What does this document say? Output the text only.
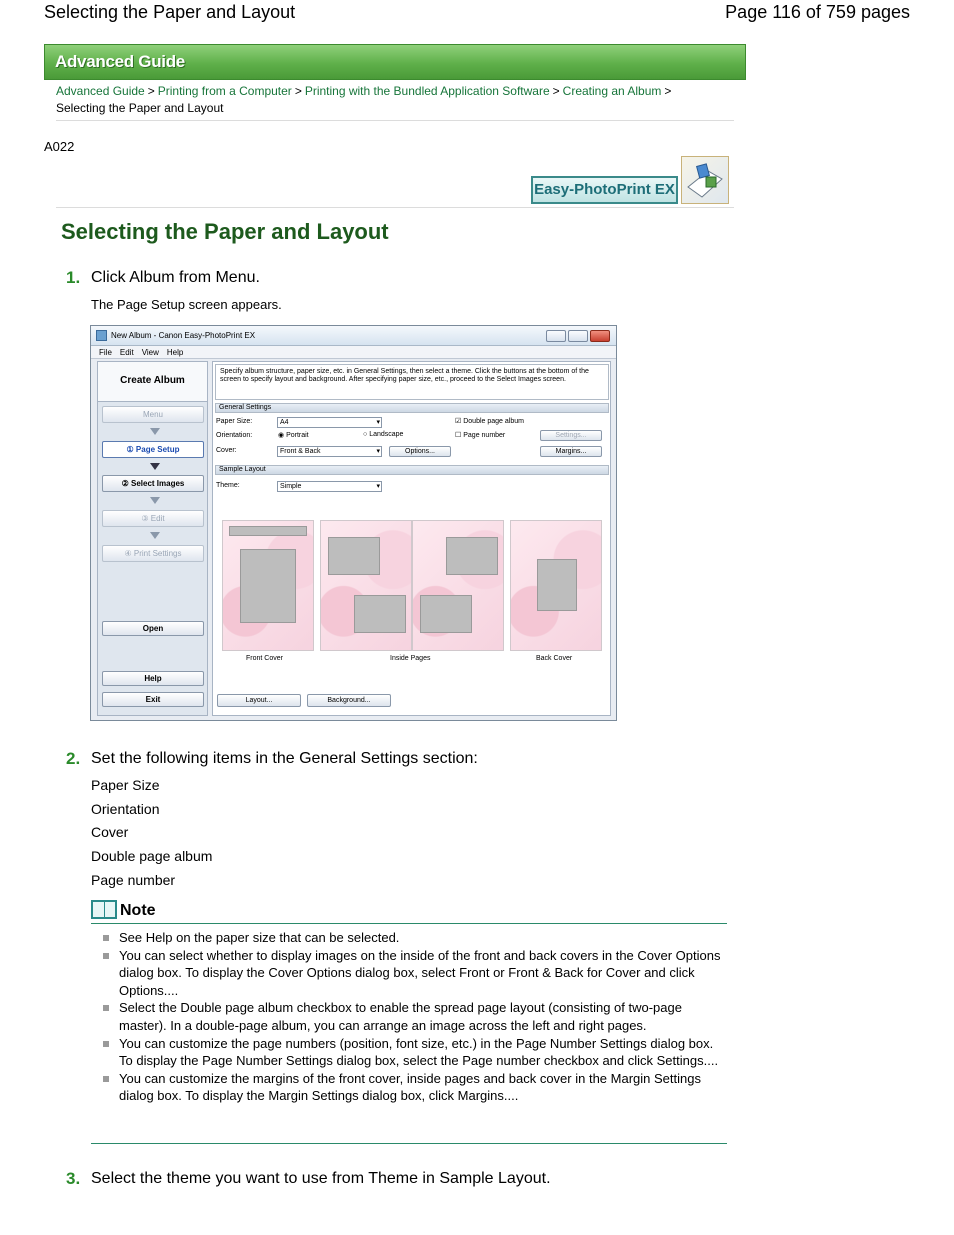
Selecting the Paper and Layout	Page 116 of 759 pages
Advanced Guide
Advanced Guide > Printing from a Computer > Printing with the Bundled Application Software > Creating an Album >
Selecting the Paper and Layout
A022
Easy-PhotoPrint EX
Selecting the Paper and Layout
1. Click Album from Menu.
The Page Setup screen appears.
New Album - Canon Easy-PhotoPrint EX
File Edit View Help
Create Album
Menu
① Page Setup
② Select Images
③ Edit
④ Print Settings
Open
Help
Exit
Specify album structure, paper size, etc. in General Settings, then select a theme. Click the buttons at the bottom of the screen to specify layout and background. After specifying paper size, etc., proceed to the Select Images screen.
General Settings
Paper Size:	A4 ▾
Orientation:	◉ Portrait	○ Landscape
Cover:	Front & Back ▾	Options...
☑ Double page album
☐ Page number	Settings...
Margins...
Sample Layout
Theme:	Simple ▾
Front Cover	Inside Pages	Back Cover
Layout...	Background...
2. Set the following items in the General Settings section:
Paper Size
Orientation
Cover
Double page album
Page number
Note
See Help on the paper size that can be selected.
You can select whether to display images on the inside of the front and back covers in the Cover Options dialog box. To display the Cover Options dialog box, select Front or Front & Back for Cover and click Options....
Select the Double page album checkbox to enable the spread page layout (consisting of two-page master). In a double-page album, you can arrange an image across the left and right pages.
You can customize the page numbers (position, font size, etc.) in the Page Number Settings dialog box. To display the Page Number Settings dialog box, select the Page number checkbox and click Settings....
You can customize the margins of the front cover, inside pages and back cover in the Margin Settings dialog box. To display the Margin Settings dialog box, click Margins....
3. Select the theme you want to use from Theme in Sample Layout.
